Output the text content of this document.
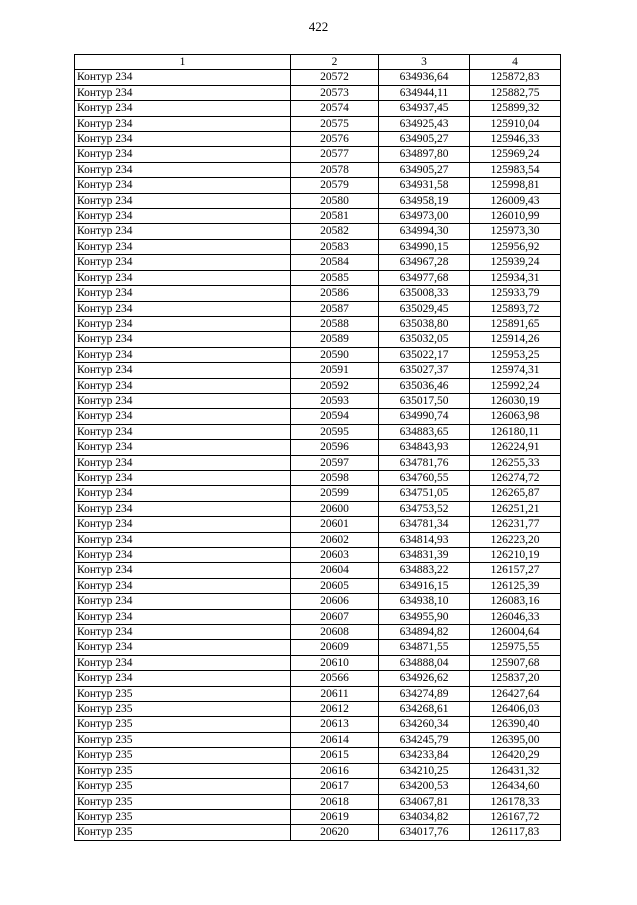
422
1	2	3	4
Контур 234	20572	634936,64	125872,83
Контур 234	20573	634944,11	125882,75
Контур 234	20574	634937,45	125899,32
Контур 234	20575	634925,43	125910,04
Контур 234	20576	634905,27	125946,33
Контур 234	20577	634897,80	125969,24
Контур 234	20578	634905,27	125983,54
Контур 234	20579	634931,58	125998,81
Контур 234	20580	634958,19	126009,43
Контур 234	20581	634973,00	126010,99
Контур 234	20582	634994,30	125973,30
Контур 234	20583	634990,15	125956,92
Контур 234	20584	634967,28	125939,24
Контур 234	20585	634977,68	125934,31
Контур 234	20586	635008,33	125933,79
Контур 234	20587	635029,45	125893,72
Контур 234	20588	635038,80	125891,65
Контур 234	20589	635032,05	125914,26
Контур 234	20590	635022,17	125953,25
Контур 234	20591	635027,37	125974,31
Контур 234	20592	635036,46	125992,24
Контур 234	20593	635017,50	126030,19
Контур 234	20594	634990,74	126063,98
Контур 234	20595	634883,65	126180,11
Контур 234	20596	634843,93	126224,91
Контур 234	20597	634781,76	126255,33
Контур 234	20598	634760,55	126274,72
Контур 234	20599	634751,05	126265,87
Контур 234	20600	634753,52	126251,21
Контур 234	20601	634781,34	126231,77
Контур 234	20602	634814,93	126223,20
Контур 234	20603	634831,39	126210,19
Контур 234	20604	634883,22	126157,27
Контур 234	20605	634916,15	126125,39
Контур 234	20606	634938,10	126083,16
Контур 234	20607	634955,90	126046,33
Контур 234	20608	634894,82	126004,64
Контур 234	20609	634871,55	125975,55
Контур 234	20610	634888,04	125907,68
Контур 234	20566	634926,62	125837,20
Контур 235	20611	634274,89	126427,64
Контур 235	20612	634268,61	126406,03
Контур 235	20613	634260,34	126390,40
Контур 235	20614	634245,79	126395,00
Контур 235	20615	634233,84	126420,29
Контур 235	20616	634210,25	126431,32
Контур 235	20617	634200,53	126434,60
Контур 235	20618	634067,81	126178,33
Контур 235	20619	634034,82	126167,72
Контур 235	20620	634017,76	126117,83
